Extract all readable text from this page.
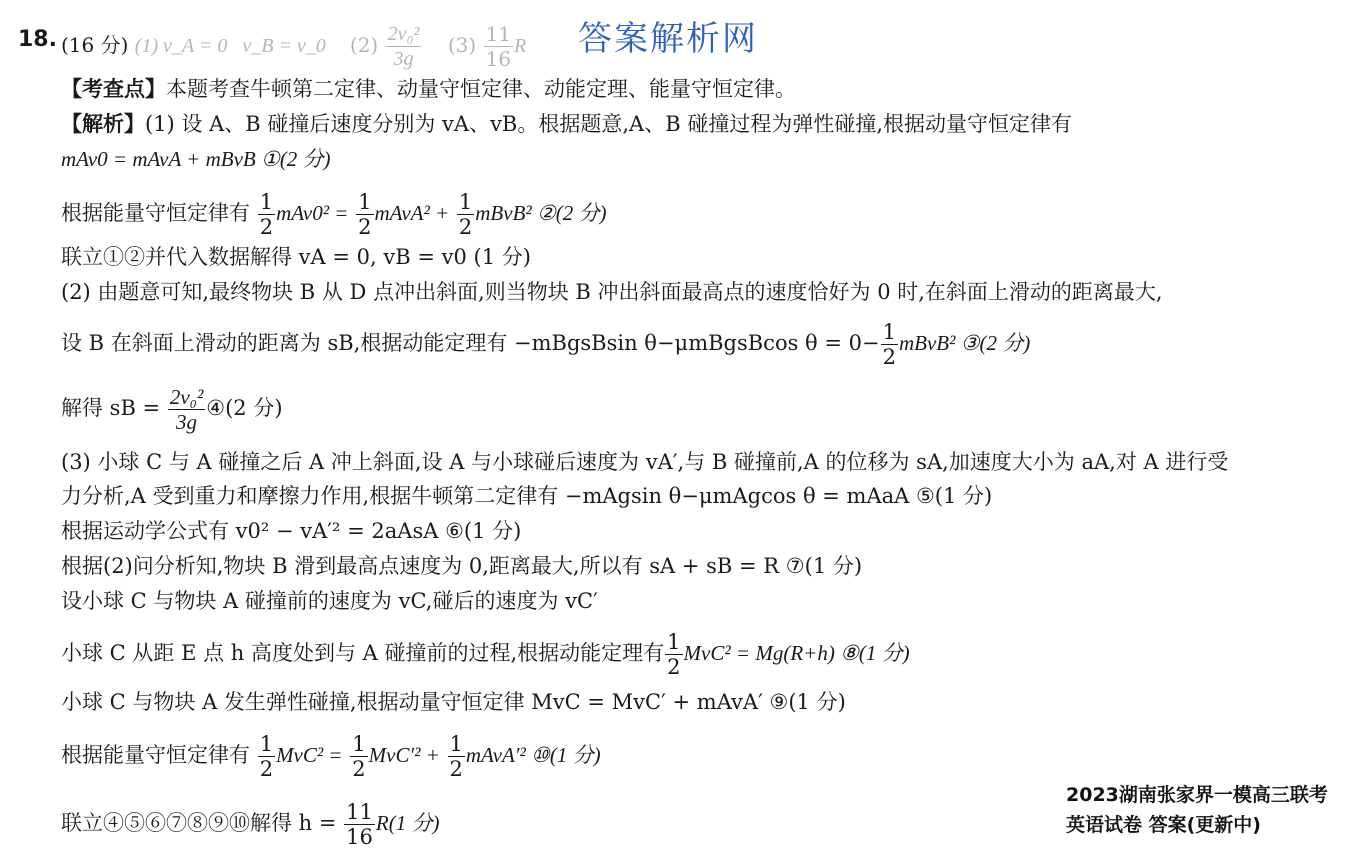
18. (16 分) (1) v_A = 0 v_B = v_0 $(2) \frac{\text{2v₀²}}{3g} (3) \frac{11}{16}$ R 答案解析网
【考查点】本题考查牛顿第二定律、动量守恒定律、动能定理、能量守恒定律。
【解析】(1) 设 A、B 碰撞后速度分别为 vA、vB。根据题意,A、B 碰撞过程为弹性碰撞,根据动量守恒定律有
mAv0 = mAvA + mBvB ①(2 分)
根据能量守恒定律有 $\frac{1}{2} mAv0^2 = \frac{1}{2}$ mAvA² + $\frac{1}{2}$ mBvB² ②(2 分)
联立①②并代入数据解得 vA = 0, vB = v0 (1 分)
(2) 由题意可知,最终物块 B 从 D 点冲出斜面,则当物块 B 冲出斜面最高点的速度恰好为 0 时,在斜面上滑动的距离最大,
设 B 在斜面上滑动的距离为 sB,根据动能定理有 −mBgsBsin θ−μmBgsBcos $\theta = 0- \frac{1}{2}$ mBvB² ③(2 分)
解得 sB = $\frac{\text{2v₀²}}{3g}$ ④(2 分)
(3) 小球 C 与 A 碰撞之后 A 冲上斜面,设 A 与小球碰后速度为 vA′,与 B 碰撞前,A 的位移为 sA,加速度大小为 aA,对 A 进行受
力分析,A 受到重力和摩擦力作用,根据牛顿第二定律有 −mAgsin θ−μmAgcos θ = mAaA ⑤(1 分)
根据运动学公式有 v0² − vA′² = 2aAsA ⑥(1 分)
根据(2)问分析知,物块 B 滑到最高点速度为 0,距离最大,所以有 sA + sB = R ⑦(1 分)
设小球 C 与物块 A 碰撞前的速度为 vC,碰后的速度为 vC′
小球 C 从距 E 点 h 高度处到与 A 碰撞前的过程,根据动能定理有 $\frac{1}{2} MvC^2 = Mg(R+h)$ ⑧(1 分)
小球 C 与物块 A 发生弹性碰撞,根据动量守恒定律 MvC = MvC′ + mAvA′ ⑨(1 分)
根据能量守恒定律有 $\frac{1}{2} MvC^2 = \frac{1}{2} MvC'^2 + \frac{1}{2}$ mAvA′² ⑩(1 分)
联立④⑤⑥⑦⑧⑨⑩解得 $h = \frac{11}{16} R(1$ 分)
2023湖南张家界一模高三联考
英语试卷 答案(更新中)
